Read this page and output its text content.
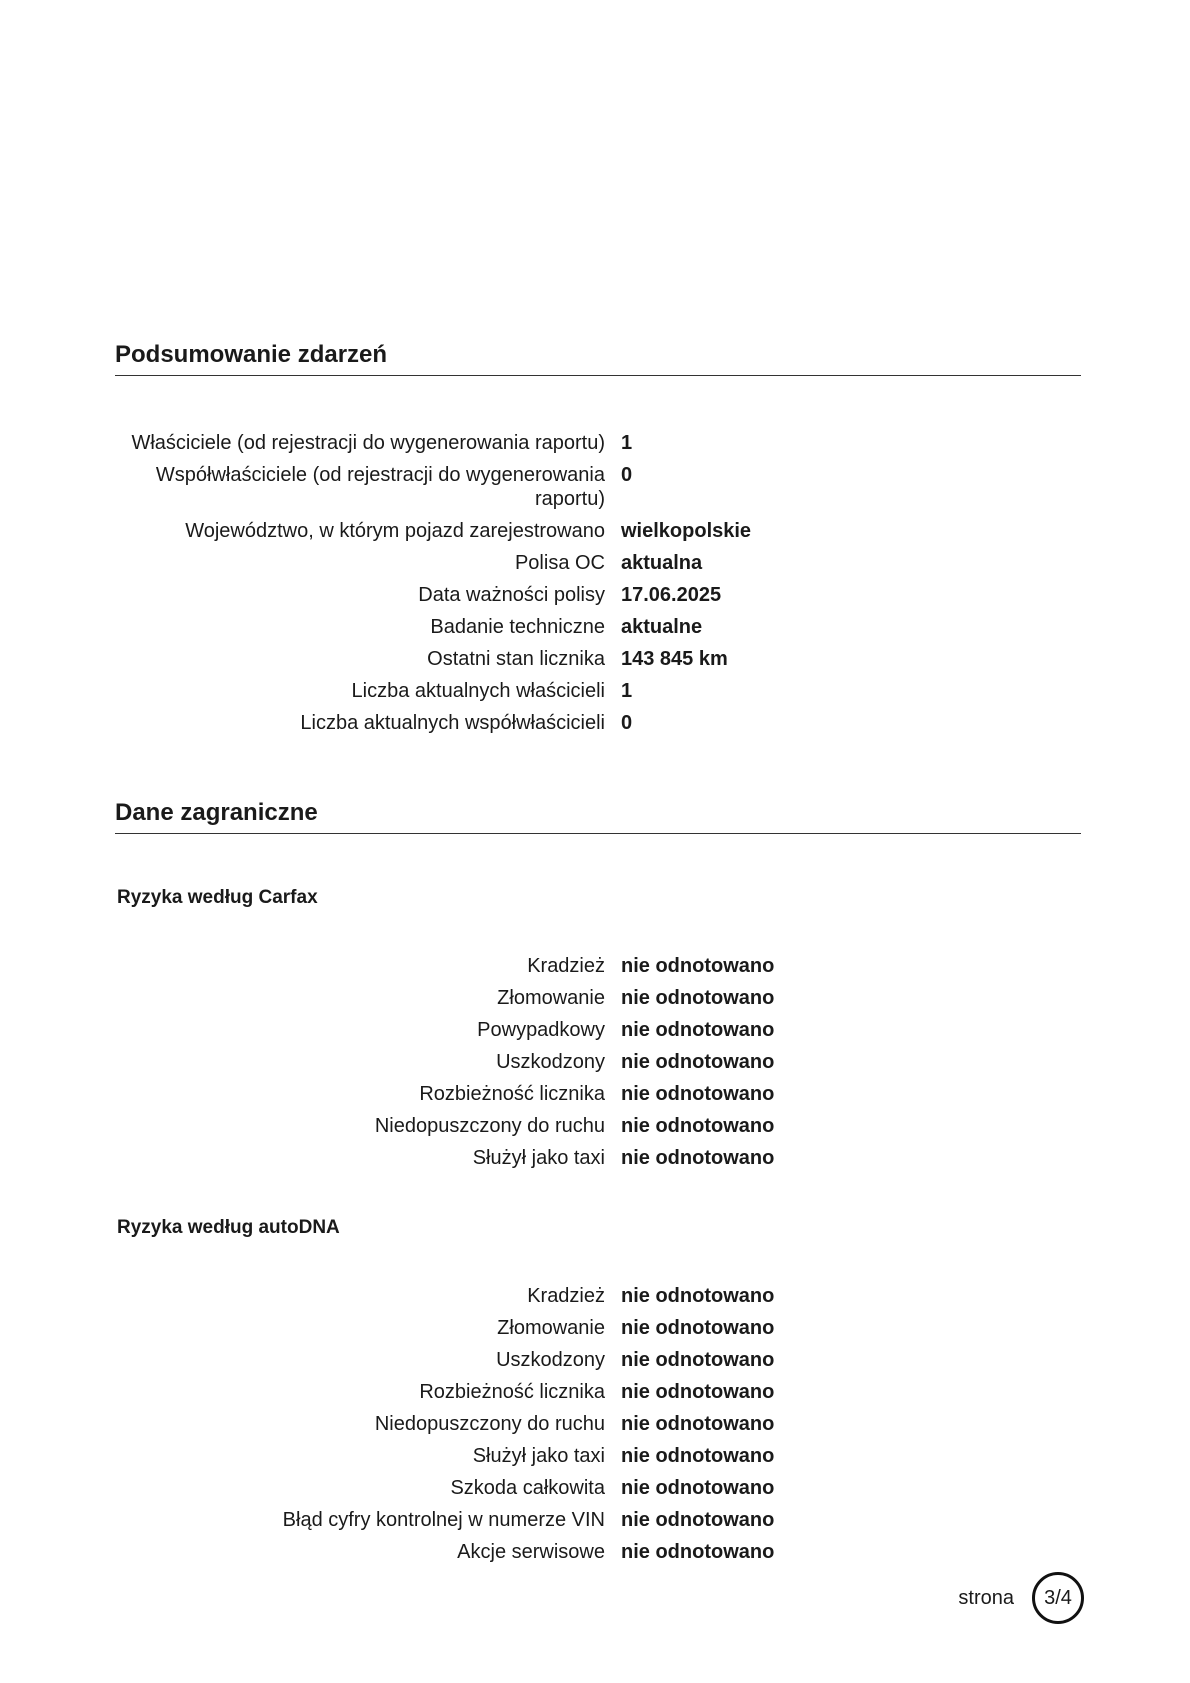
Podsumowanie zdarzeń
Właściciele (od rejestracji do wygenerowania raportu) 1
Współwłaściciele (od rejestracji do wygenerowania raportu)
0
Województwo, w którym pojazd zarejestrowano wielkopolskie
Polisa OC aktualna
Data ważności polisy 17.06.2025
Badanie techniczne aktualne
Ostatni stan licznika 143 845 km
Liczba aktualnych właścicieli 1
Liczba aktualnych współwłaścicieli 0
Dane zagraniczne
Ryzyka według Carfax
Kradzież nie odnotowano
Złomowanie nie odnotowano
Powypadkowy nie odnotowano
Uszkodzony nie odnotowano
Rozbieżność licznika nie odnotowano
Niedopuszczony do ruchu nie odnotowano
Służył jako taxi nie odnotowano
Ryzyka według autoDNA
Kradzież nie odnotowano
Złomowanie nie odnotowano
Uszkodzony nie odnotowano
Rozbieżność licznika nie odnotowano
Niedopuszczony do ruchu nie odnotowano
Służył jako taxi nie odnotowano
Szkoda całkowita nie odnotowano
Błąd cyfry kontrolnej w numerze VIN nie odnotowano
Akcje serwisowe nie odnotowano
strona	3/4
